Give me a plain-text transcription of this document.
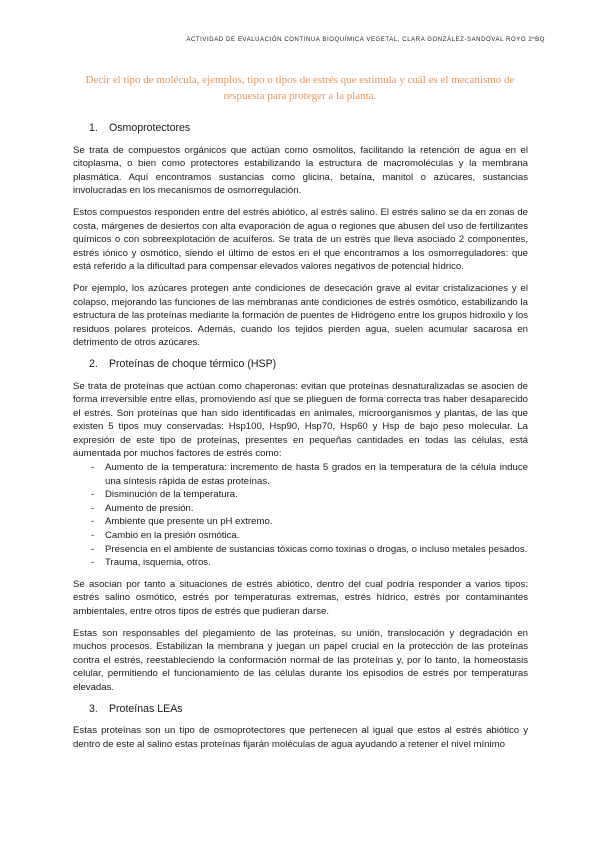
ACTIVIDAD DE EVALUACIÓN CONTINUA BIOQUÍMICA VEGETAL, CLARA GONZÁLEZ-SANDOVAL ROYO 2ºBQ
Decir el tipo de molécula, ejemplos, tipo o tipos de estrés que estimula y cuál es el mecanismo de respuesta para proteger a la planta.
1. Osmoprotectores

Se trata de compuestos orgánicos que actúan como osmolitos, facilitando la retención de agua en el citoplasma, o bien como protectores estabilizando la estructura de macromoléculas y la membrana plasmática. Aquí encontramos sustancias como glicina, betaína, manitol o azúcares, sustancias involucradas en los mecanismos de osmorregulación.

Estos compuestos responden entre del estrés abiótico, al estrés salino. El estrés salino se da en zonas de costa, márgenes de desiertos con alta evaporación de agua o regiones que abusen del uso de fertilizantes químicos o con sobreexplotación de acuíferos. Se trata de un estrés que lleva asociado 2 componentes, estrés iónico y osmótico, siendo el último de estos en el que encontramos a los osmorreguladores: que está referido a la dificultad para compensar elevados valores negativos de potencial hídrico.

Por ejemplo, los azúcares protegen ante condiciones de desecación grave al evitar cristalizaciones y el colapso, mejorando las funciones de las membranas ante condiciones de estrés osmótico, estabilizando la estructura de las proteínas mediante la formación de puentes de Hidrógeno entre los grupos hidroxilo y los residuos polares proteicos. Además, cuando los tejidos pierden agua, suelen acumular sacarosa en detrimento de otros azúcares.

2. Proteínas de choque térmico (HSP)

Se trata de proteínas que actúan como chaperonas: evitan que proteínas desnaturalizadas se asocien de forma irreversible entre ellas, promoviendo así que se plieguen de forma correcta tras haber desaparecido el estrés. Son proteínas que han sido identificadas en animales, microorganismos y plantas, de las que existen 5 tipos muy conservadas: Hsp100, Hsp90, Hsp70, Hsp60 y Hsp de bajo peso molecular. La expresión de este tipo de proteínas, presentes en pequeñas cantidades en todas las células, está aumentada por muchos factores de estrés como:

- Aumento de la temperatura: incremento de hasta 5 grados en la temperatura de la célula induce una síntesis rápida de estas proteínas.
- Disminución de la temperatura.
- Aumento de presión.
- Ambiente que presente un pH extremo.
- Cambio en la presión osmótica.
- Presencia en el ambiente de sustancias tóxicas como toxinas o drogas, o incluso metales pesados.
- Trauma, isquemia, otros.

Se asocian por tanto a situaciones de estrés abiótico, dentro del cual podría responder a varios tipos: estrés salino osmótico, estrés por temperaturas extremas, estrés hídrico, estrés por contaminantes ambientales, entre otros tipos de estrés que pudieran darse.

Estas son responsables del plegamiento de las proteínas, su unión, translocación y degradación en muchos procesos. Estabilizan la membrana y juegan un papel crucial en la protección de las proteínas contra el estrés, reestableciendo la conformación normal de las proteínas y, por lo tanto, la homeostasis celular, permitiendo el funcionamiento de las células durante los episodios de estrés por temperaturas elevadas.

3. Proteínas LEAs

Estas proteínas son un tipo de osmoprotectores que pertenecen al igual que estos al estrés abiótico y dentro de este al salino estas proteínas fijarán moléculas de agua ayudando a retener el nivel mínimo
